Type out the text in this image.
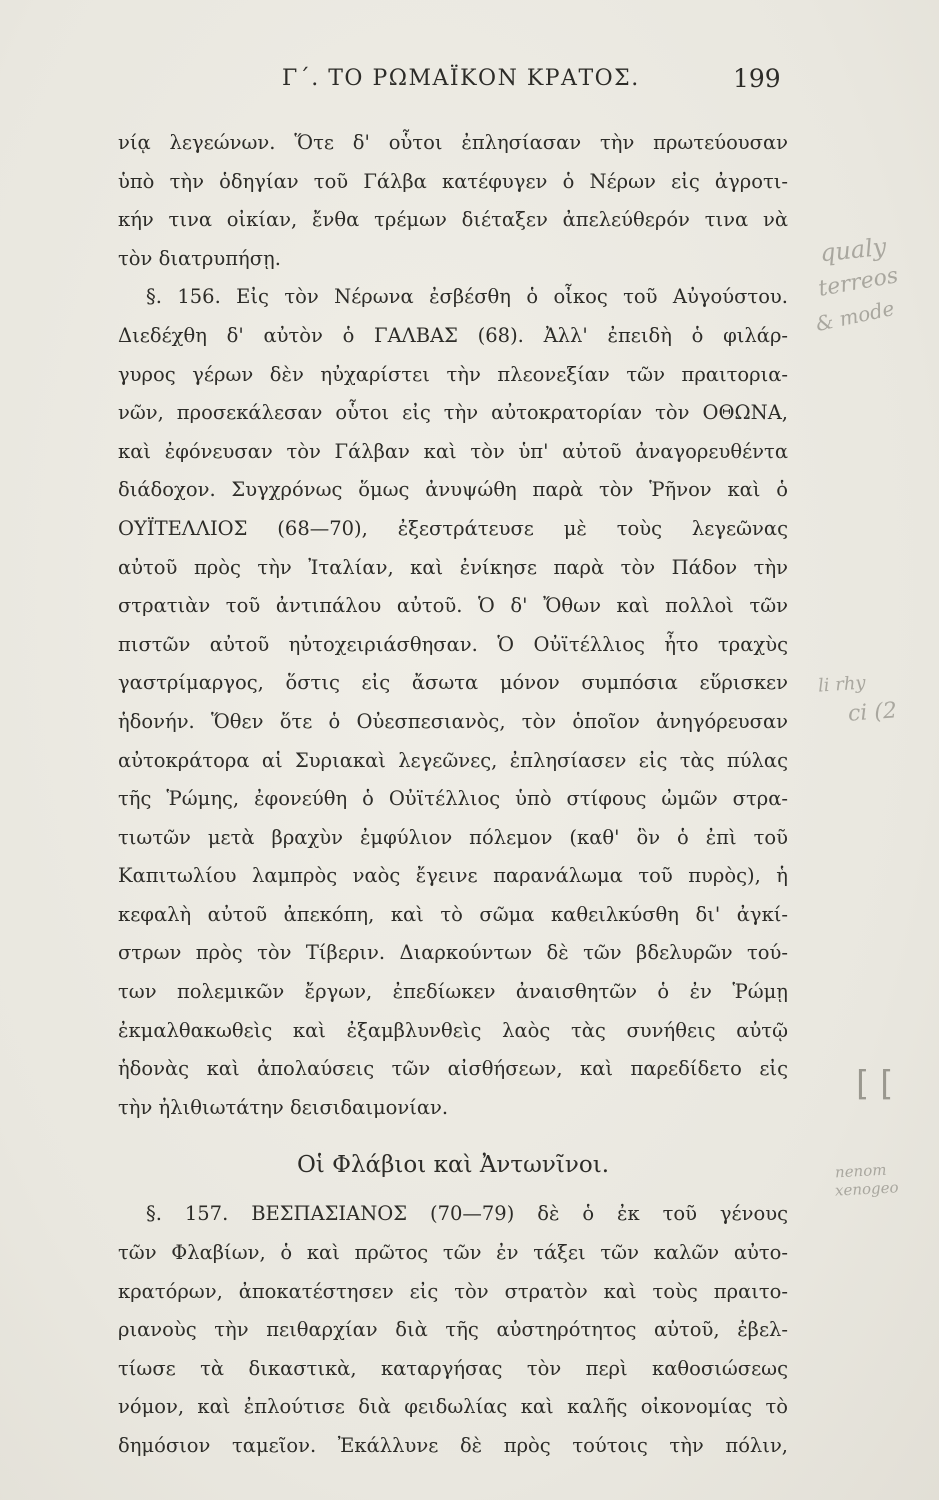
Γ΄. ΤΟ ΡΩΜΑΪΚΟΝ ΚΡΑΤΟΣ.	199
νίᾳ λεγεώνων. Ὅτε δ' οὗτοι ἐπλησίασαν τὴν πρωτεύουσαν
ὑπὸ τὴν ὁδηγίαν τοῦ Γάλβα κατέφυγεν ὁ Νέρων εἰς ἀγροτι-
κήν τινα οἰκίαν, ἔνθα τρέμων διέταξεν ἀπελεύθερόν τινα νὰ
τὸν διατρυπήσῃ.
§. 156. Εἰς τὸν Νέρωνα ἐσβέσθη ὁ οἶκος τοῦ Αὐγούστου.
Διεδέχθη δ' αὐτὸν ὁ ΓΑΛΒΑΣ (68). Ἀλλ' ἐπειδὴ ὁ φιλάρ-
γυρος γέρων δὲν ηὐχαρίστει τὴν πλεονεξίαν τῶν πραιτορια-
νῶν, προσεκάλεσαν οὗτοι εἰς τὴν αὐτοκρατορίαν τὸν ΟΘΩΝΑ,
καὶ ἐφόνευσαν τὸν Γάλβαν καὶ τὸν ὑπ' αὐτοῦ ἀναγορευθέντα
διάδοχον. Συγχρόνως ὅμως ἀνυψώθη παρὰ τὸν Ῥῆνον καὶ ὁ
ΟΥΪΤΕΛΛΙΟΣ (68—70), ἐξεστράτευσε μὲ τοὺς λεγεῶνας
αὐτοῦ πρὸς τὴν Ἰταλίαν, καὶ ἐνίκησε παρὰ τὸν Πάδον τὴν
στρατιὰν τοῦ ἀντιπάλου αὐτοῦ. Ὁ δ' Ὄθων καὶ πολλοὶ τῶν
πιστῶν αὐτοῦ ηὐτοχειριάσθησαν. Ὁ Οὐϊτέλλιος ἦτο τραχὺς
γαστρίμαργος, ὅστις εἰς ἄσωτα μόνον συμπόσια εὕρισκεν
ἡδονήν. Ὅθεν ὅτε ὁ Οὐεσπεσιανὸς, τὸν ὁποῖον ἀνηγόρευσαν
αὐτοκράτορα αἱ Συριακαὶ λεγεῶνες, ἐπλησίασεν εἰς τὰς πύλας
τῆς Ῥώμης, ἐφονεύθη ὁ Οὐϊτέλλιος ὑπὸ στίφους ὠμῶν στρα-
τιωτῶν μετὰ βραχὺν ἐμφύλιον πόλεμον (καθ' ὃν ὁ ἐπὶ τοῦ
Καπιτωλίου λαμπρὸς ναὸς ἔγεινε παρανάλωμα τοῦ πυρὸς), ἡ
κεφαλὴ αὐτοῦ ἀπεκόπη, καὶ τὸ σῶμα καθειλκύσθη δι' ἀγκί-
στρων πρὸς τὸν Τίβεριν. Διαρκούντων δὲ τῶν βδελυρῶν τού-
των πολεμικῶν ἔργων, ἐπεδίωκεν ἀναισθητῶν ὁ ἐν Ῥώμῃ
ἐκμαλθακωθεὶς καὶ ἐξαμβλυνθεὶς λαὸς τὰς συνήθεις αὐτῷ
ἡδονὰς καὶ ἀπολαύσεις τῶν αἰσθήσεων, καὶ παρεδίδετο εἰς
τὴν ἠλιθιωτάτην δεισιδαιμονίαν.
Οἱ Φλάβιοι καὶ Ἀντωνῖνοι.
§. 157. ΒΕΣΠΑΣΙΑΝΟΣ (70—79) δὲ ὁ ἐκ τοῦ γένους
τῶν Φλαβίων, ὁ καὶ πρῶτος τῶν ἐν τάξει τῶν καλῶν αὐτο-
κρατόρων, ἀποκατέστησεν εἰς τὸν στρατὸν καὶ τοὺς πραιτο-
ριανοὺς τὴν πειθαρχίαν διὰ τῆς αὐστηρότητος αὐτοῦ, ἐβελ-
τίωσε τὰ δικαστικὰ, καταργήσας τὸν περὶ καθοσιώσεως
νόμον, καὶ ἐπλούτισε διὰ φειδωλίας καὶ καλῆς οἰκονομίας τὸ
δημόσιον ταμεῖον. Ἐκάλλυνε δὲ πρὸς τούτοις τὴν πόλιν,
qualy
terreos
& mode
li rhy
ci (2
[ [
nenom
xenogeo
